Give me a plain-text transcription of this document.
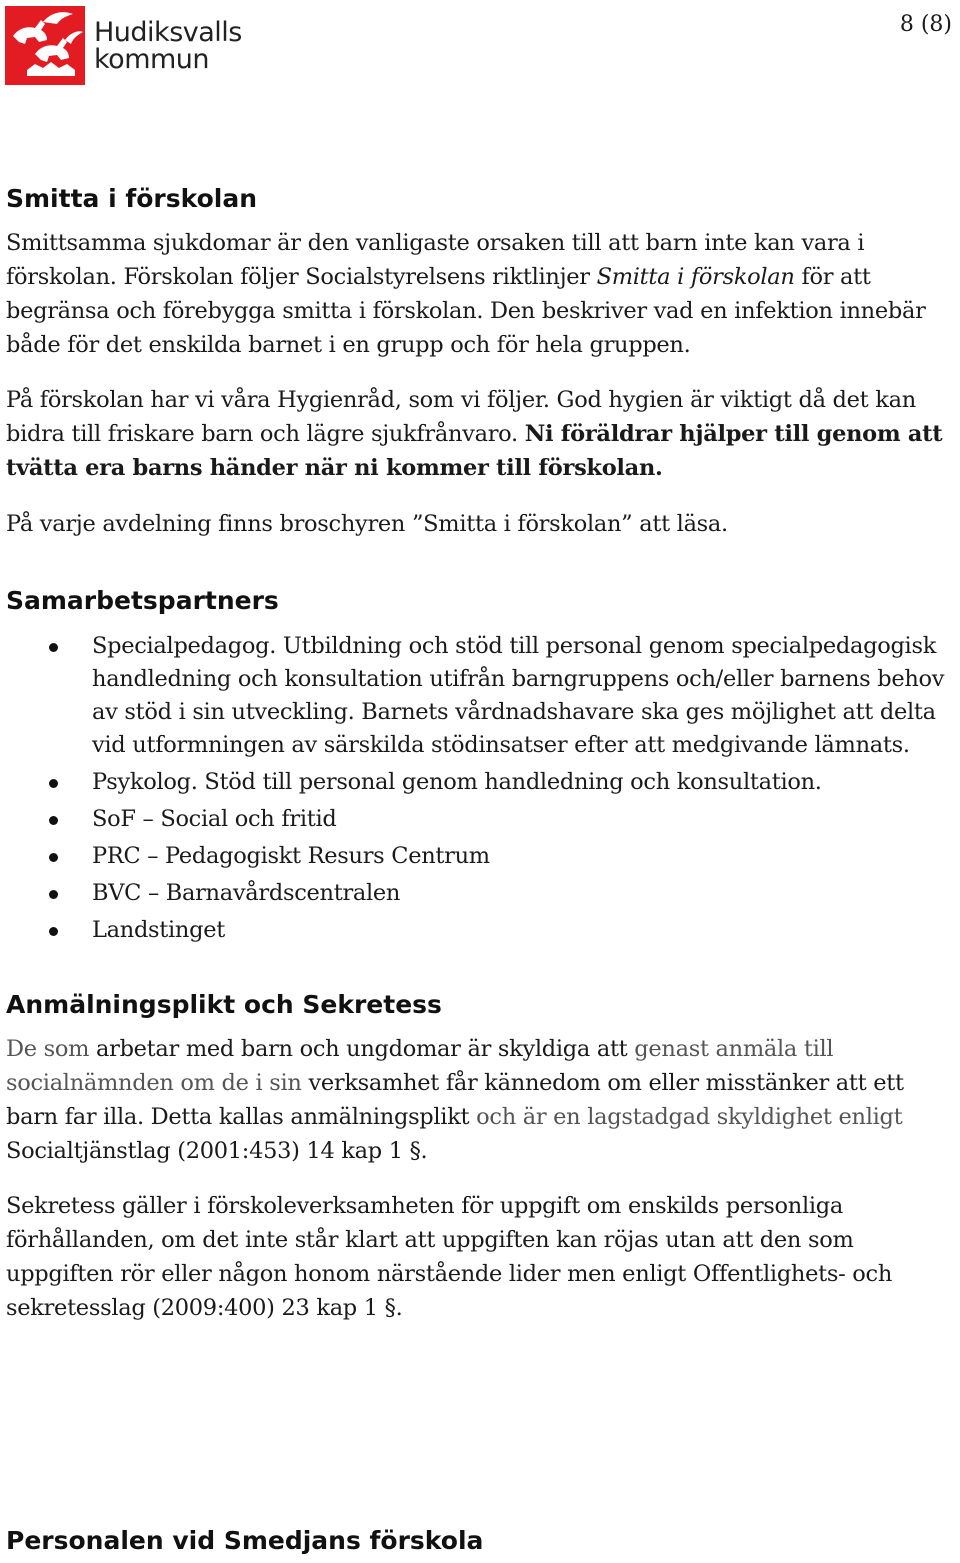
Hudiksvalls
kommun
8 (8)
Smitta i förskolan

Smittsamma sjukdomar är den vanligaste orsaken till att barn inte kan vara i förskolan. Förskolan följer Socialstyrelsens riktlinjer Smitta i förskolan för att begränsa och förebygga smitta i förskolan. Den beskriver vad en infektion innebär både för det enskilda barnet i en grupp och för hela gruppen.

På förskolan har vi våra Hygienråd, som vi följer. God hygien är viktigt då det kan bidra till friskare barn och lägre sjukfrånvaro. Ni föräldrar hjälper till genom att tvätta era barns händer när ni kommer till förskolan.

På varje avdelning finns broschyren ”Smitta i förskolan” att läsa.

Samarbetspartners
Specialpedagog. Utbildning och stöd till personal genom specialpedagogisk handledning och konsultation utifrån barngruppens och/eller barnens behov av stöd i sin utveckling. Barnets vårdnadshavare ska ges möjlighet att delta vid utformningen av särskilda stödinsatser efter att medgivande lämnats.
Psykolog. Stöd till personal genom handledning och konsultation.
SoF – Social och fritid
PRC – Pedagogiskt Resurs Centrum
BVC – Barnavårdscentralen
Landstinget
Anmälningsplikt och Sekretess

De som arbetar med barn och ungdomar är skyldiga att genast anmäla till socialnämnden om de i sin verksamhet får kännedom om eller misstänker att ett barn far illa. Detta kallas anmälningsplikt och är en lagstadgad skyldighet enligt Socialtjänstlag (2001:453) 14 kap 1 §.

Sekretess gäller i förskoleverksamheten för uppgift om enskilds personliga förhållanden, om det inte står klart att uppgiften kan röjas utan att den som uppgiften rör eller någon honom närstående lider men enligt Offentlighets- och sekretesslag (2009:400) 23 kap 1 §.

Personalen vid Smedjans förskola
